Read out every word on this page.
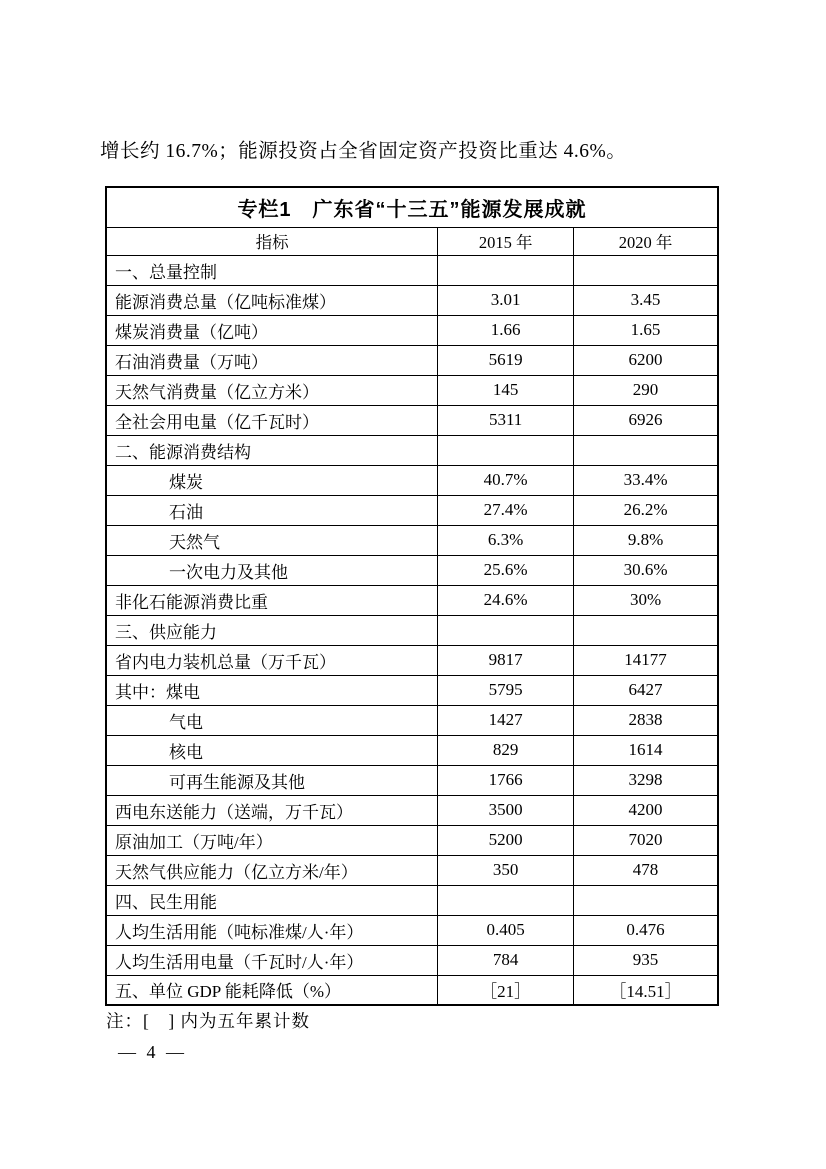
增长约 16.7%；能源投资占全省固定资产投资比重达 4.6%。

专栏1　广东省“十三五”能源发展成就		
指标	2015 年	2020 年
一、总量控制		
能源消费总量（亿吨标准煤）	3.01	3.45
煤炭消费量（亿吨）	1.66	1.65
石油消费量（万吨）	5619	6200
天然气消费量（亿立方米）	145	290
全社会用电量（亿千瓦时）	5311	6926
二、能源消费结构		
煤炭	40.7%	33.4%
石油	27.4%	26.2%
天然气	6.3%	9.8%
一次电力及其他	25.6%	30.6%
非化石能源消费比重	24.6%	30%
三、供应能力		
省内电力装机总量（万千瓦）	9817	14177
其中：煤电	5795	6427
气电	1427	2838
核电	829	1614
可再生能源及其他	1766	3298
西电东送能力（送端，万千瓦）	3500	4200
原油加工（万吨/年）	5200	7020
天然气供应能力（亿立方米/年）	350	478
四、民生用能		
人均生活用能（吨标准煤/人·年）	0.405	0.476
人均生活用电量（千瓦时/人·年）	784	935
五、单位 GDP 能耗降低（%）	［21］	［14.51］

注：[　] 内为五年累计数

— 4 —
